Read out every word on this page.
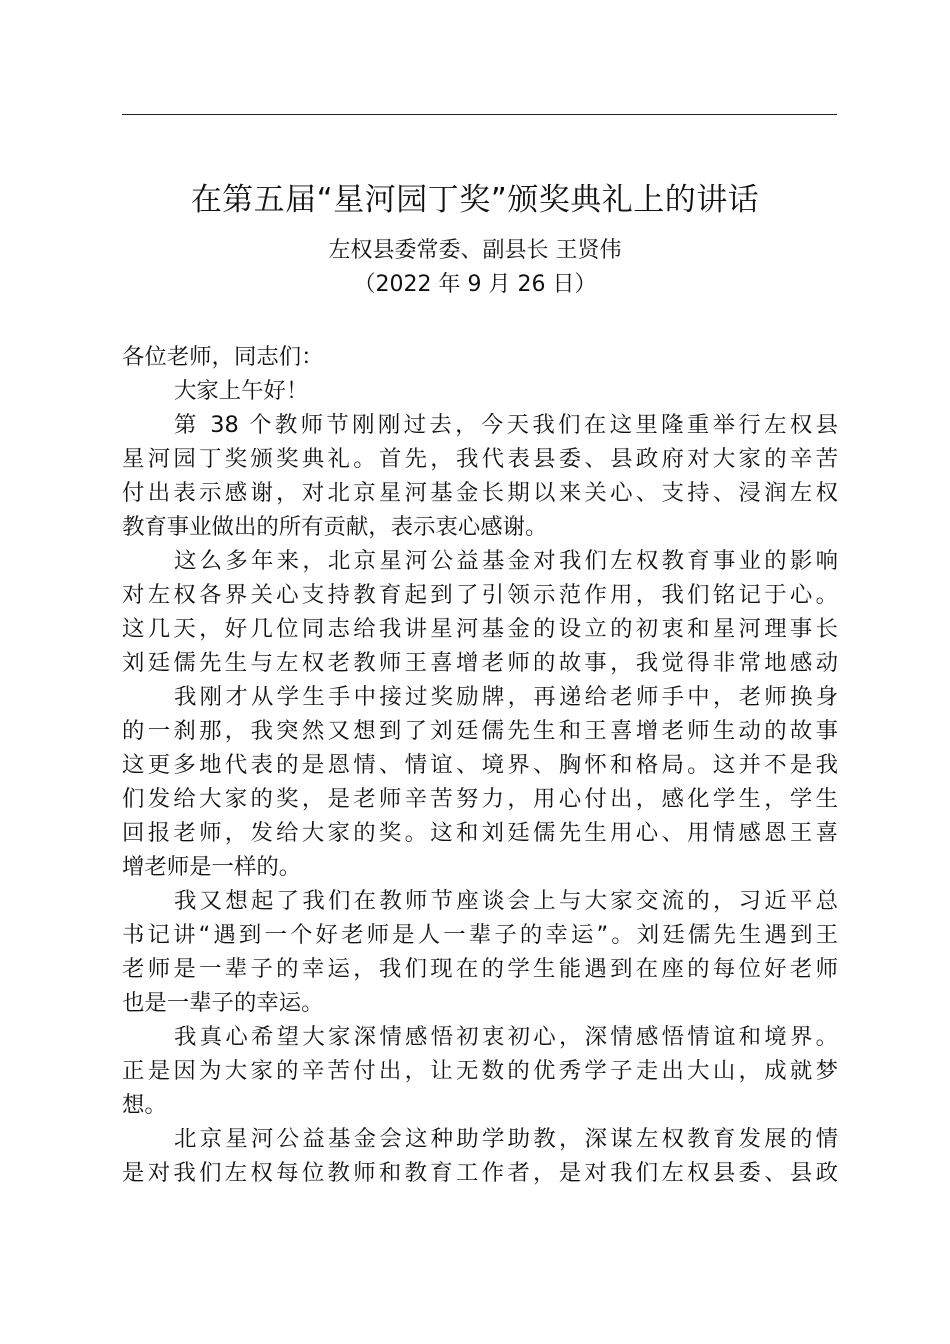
在第五届“星河园丁奖”颁奖典礼上的讲话
左权县委常委、副县长 王贤伟
（2022 年 9 月 26 日）
各位老师，同志们：
大家上午好！
第 38 个教师节刚刚过去，今天我们在这里隆重举行左权县
星河园丁奖颁奖典礼。首先，我代表县委、县政府对大家的辛苦
付出表示感谢，对北京星河基金长期以来关心、支持、浸润左权
教育事业做出的所有贡献，表示衷心感谢。
这么多年来，北京星河公益基金对我们左权教育事业的影响
对左权各界关心支持教育起到了引领示范作用，我们铭记于心。
这几天，好几位同志给我讲星河基金的设立的初衷和星河理事长
刘廷儒先生与左权老教师王喜增老师的故事，我觉得非常地感动
我刚才从学生手中接过奖励牌，再递给老师手中，老师换身
的一刹那，我突然又想到了刘廷儒先生和王喜增老师生动的故事
这更多地代表的是恩情、情谊、境界、胸怀和格局。这并不是我
们发给大家的奖，是老师辛苦努力，用心付出，感化学生，学生
回报老师，发给大家的奖。这和刘廷儒先生用心、用情感恩王喜
增老师是一样的。
我又想起了我们在教师节座谈会上与大家交流的，习近平总
书记讲“遇到一个好老师是人一辈子的幸运”。刘廷儒先生遇到王
老师是一辈子的幸运，我们现在的学生能遇到在座的每位好老师
也是一辈子的幸运。
我真心希望大家深情感悟初衷初心，深情感悟情谊和境界。
正是因为大家的辛苦付出，让无数的优秀学子走出大山，成就梦
想。
北京星河公益基金会这种助学助教，深谋左权教育发展的情
是对我们左权每位教师和教育工作者，是对我们左权县委、县政
